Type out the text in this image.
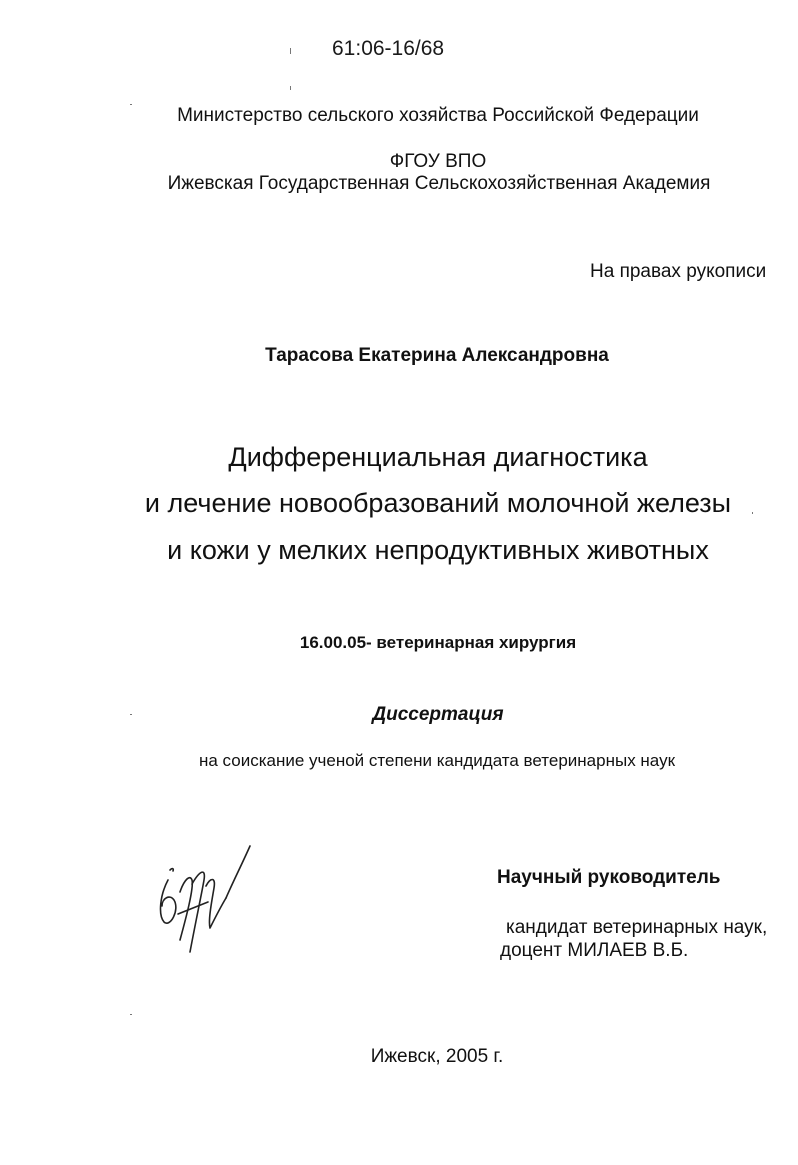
61:06-16/68
Министерство сельского хозяйства Российской Федерации
ФГОУ ВПО
Ижевская Государственная Сельскохозяйственная Академия
На правах рукописи
Тарасова Екатерина Александровна
Дифференциальная диагностика
и лечение новообразований молочной железы
и кожи у мелких непродуктивных животных
16.00.05- ветеринарная хирургия
Диссертация
на соискание ученой степени кандидата ветеринарных наук
Научный руководитель
кандидат ветеринарных наук,
доцент МИЛАЕВ В.Б.
Ижевск, 2005 г.
